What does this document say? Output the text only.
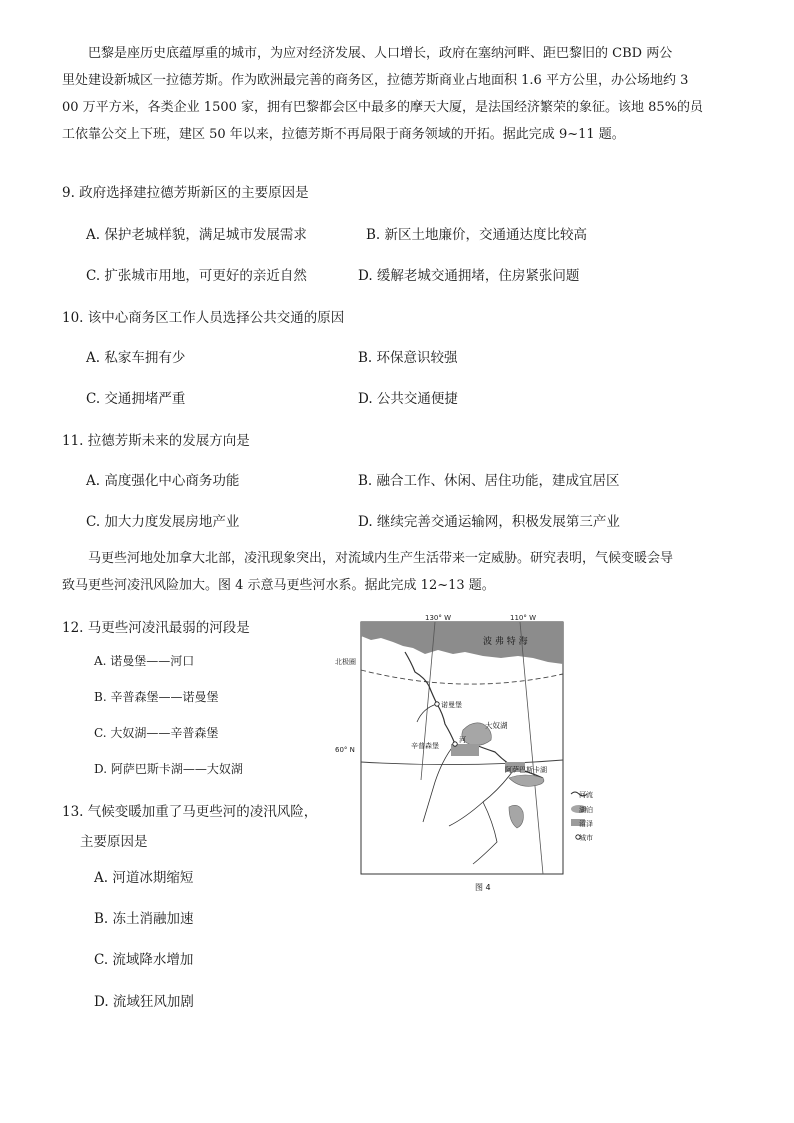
巴黎是座历史底蕴厚重的城市，为应对经济发展、人口增长，政府在塞纳河畔、距巴黎旧的 CBD 两公
里处建设新城区一拉德芳斯。作为欧洲最完善的商务区，拉德芳斯商业占地面积 1.6 平方公里，办公场地约 3
00 万平方米，各类企业 1500 家，拥有巴黎都会区中最多的摩天大厦，是法国经济繁荣的象征。该地 85%的员
工依靠公交上下班，建区 50 年以来，拉德芳斯不再局限于商务领域的开拓。据此完成 9~11 题。
9. 政府选择建拉德芳斯新区的主要原因是
A. 保护老城样貌，满足城市发展需求	B. 新区土地廉价，交通通达度比较高
C. 扩张城市用地，可更好的亲近自然	D. 缓解老城交通拥堵，住房紧张问题
10. 该中心商务区工作人员选择公共交通的原因
A. 私家车拥有少	B. 环保意识较强
C. 交通拥堵严重	D. 公共交通便捷
11. 拉德芳斯未来的发展方向是
A. 高度强化中心商务功能	B. 融合工作、休闲、居住功能，建成宜居区
C. 加大力度发展房地产业	D. 继续完善交通运输网，积极发展第三产业
马更些河地处加拿大北部，凌汛现象突出，对流域内生产生活带来一定威胁。研究表明，气候变暖会导
致马更些河凌汛风险加大。图 4 示意马更些河水系。据此完成 12~13 题。
12. 马更些河凌汛最弱的河段是
A. 诺曼堡——河口
B. 辛普森堡——诺曼堡
C. 大奴湖——辛普森堡
D. 阿萨巴斯卡湖——大奴湖
13. 气候变暖加重了马更些河的凌汛风险，
主要原因是
A. 河道冰期缩短
B. 冻土消融加速
C. 流域降水增加
D. 流域狂风加剧
波 弗 特 海
130° W	110° W
北极圈
60° N
诺曼堡
辛普森堡
河
大奴湖
阿萨巴斯卡湖
河流
湖泊
沼泽
城市
图 4
